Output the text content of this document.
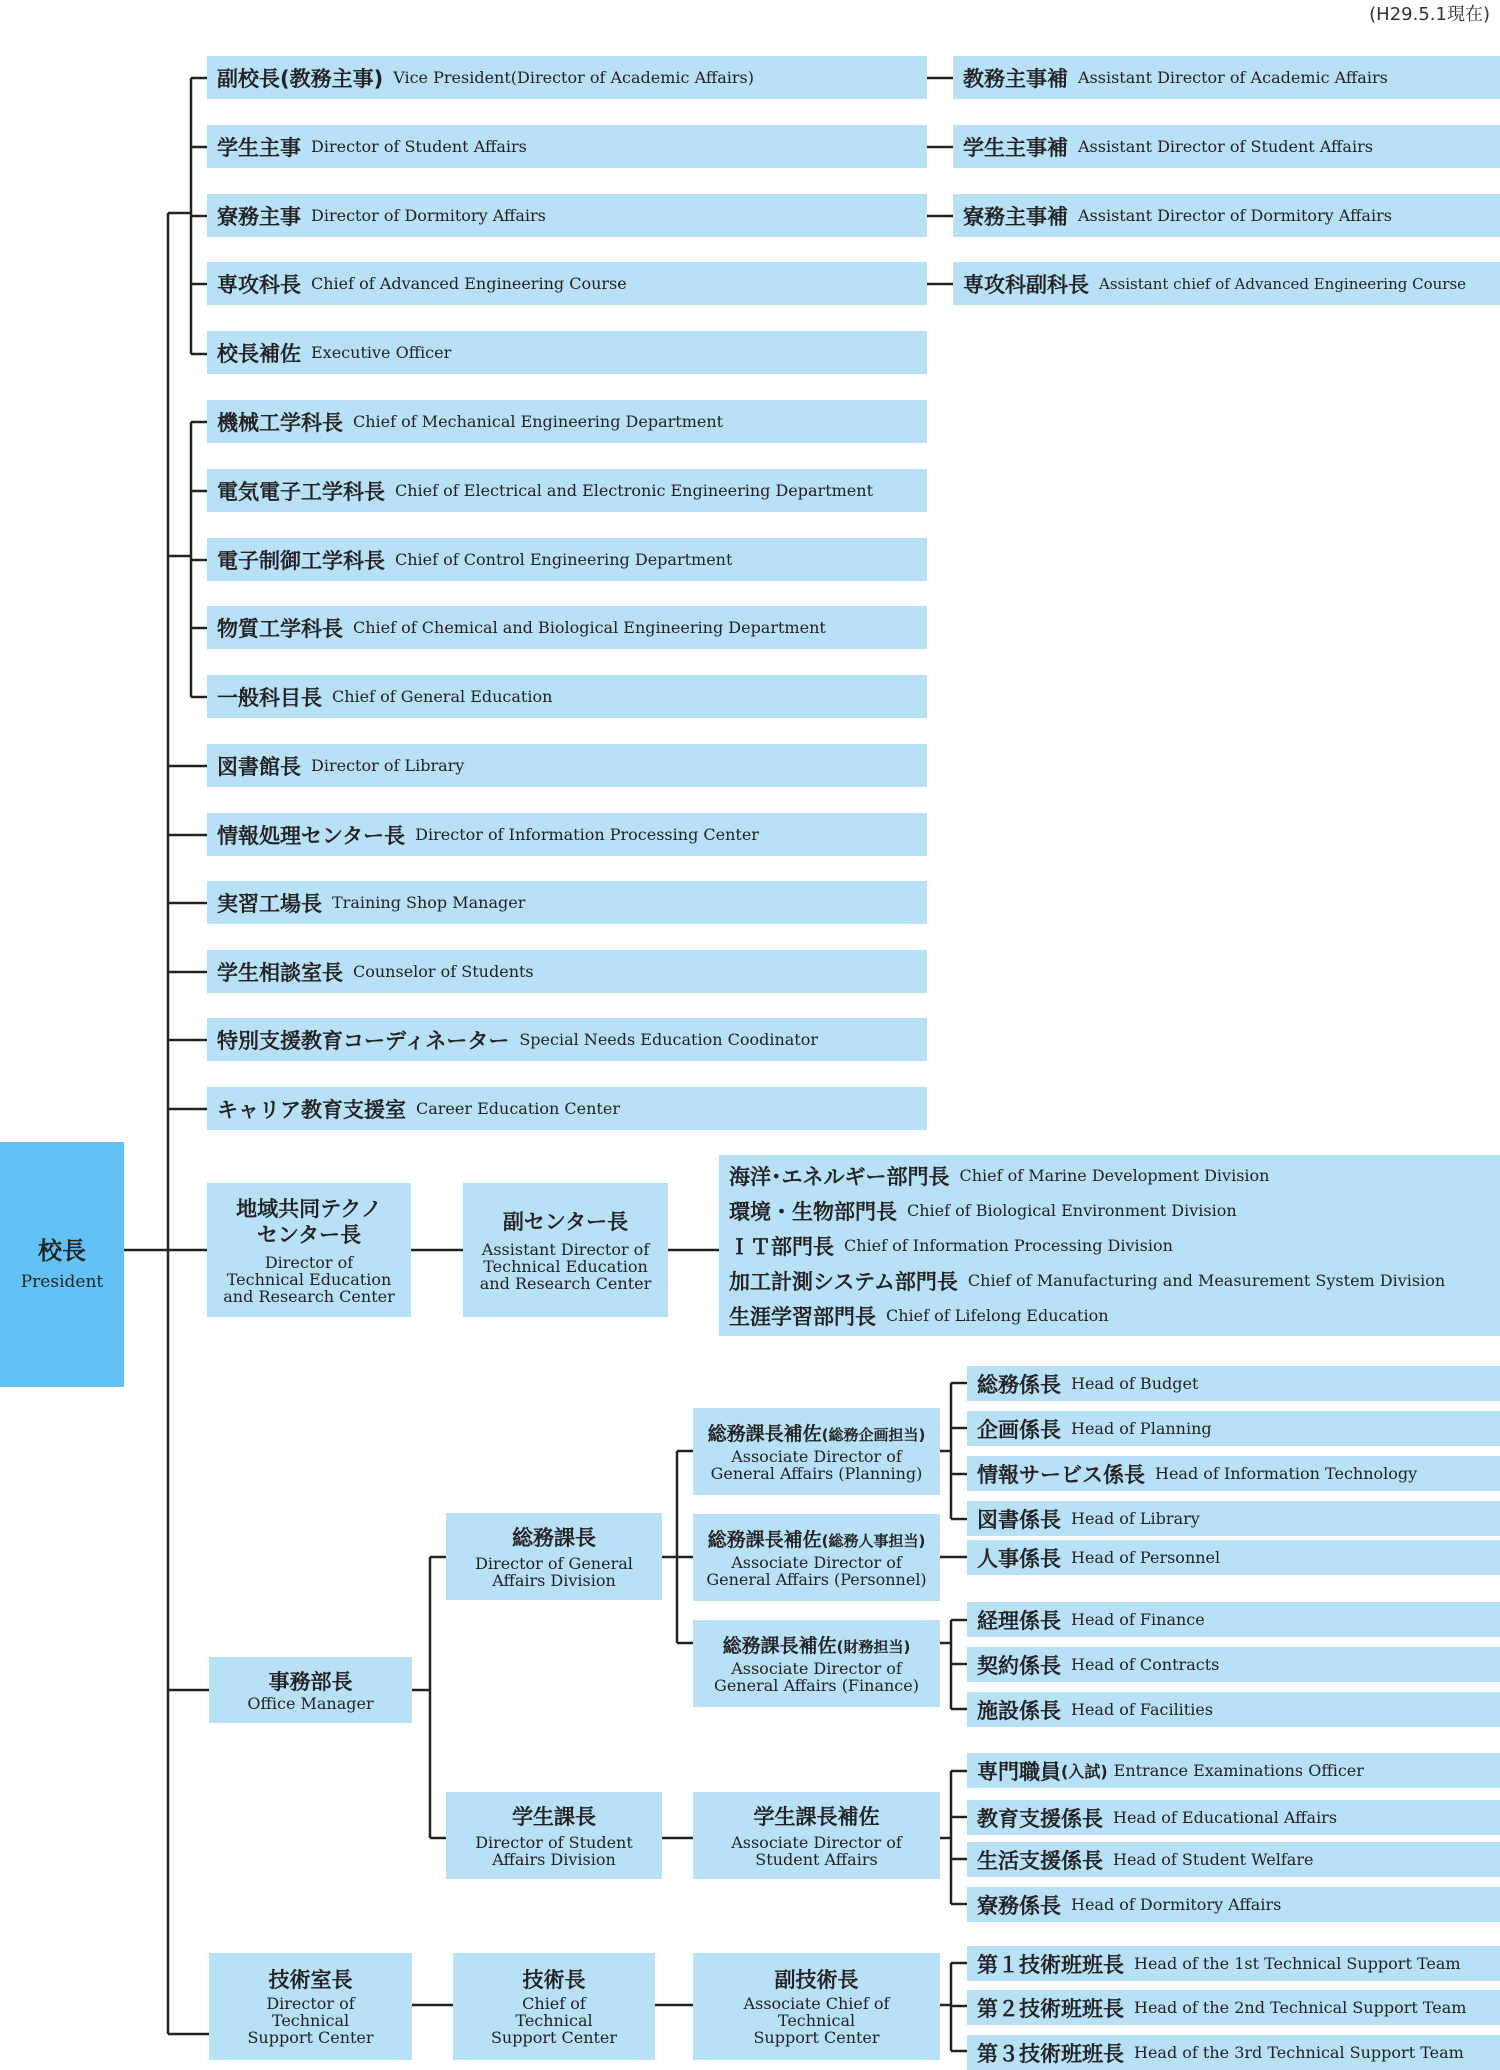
(H29.5.1現在)
校長
President
副校長(教務主事) Vice President(Director of Academic Affairs)
学生主事 Director of Student Affairs
寮務主事 Director of Dormitory Affairs
専攻科長 Chief of Advanced Engineering Course
校長補佐 Executive Officer
機械工学科長 Chief of Mechanical Engineering Department
電気電子工学科長 Chief of Electrical and Electronic Engineering Department
電子制御工学科長 Chief of Control Engineering Department
物質工学科長 Chief of Chemical and Biological Engineering Department
一般科目長 Chief of General Education
図書館長 Director of Library
情報処理センター長 Director of Information Processing Center
実習工場長 Training Shop Manager
学生相談室長 Counselor of Students
特別支援教育コーディネーター Special Needs Education Coodinator
キャリア教育支援室 Career Education Center
教務主事補 Assistant Director of Academic Affairs
学生主事補 Assistant Director of Student Affairs
寮務主事補 Assistant Director of Dormitory Affairs
専攻科副科長 Assistant chief of Advanced Engineering Course
地域共同テクノ
センター長
Director of
Technical Education
and Research Center
副センター長
Assistant Director of
Technical Education
and Research Center
海洋･エネルギー部門長 Chief of Marine Development Division
環境・生物部門長 Chief of Biological Environment Division
ＩＴ部門長 Chief of Information Processing Division
加工計測システム部門長 Chief of Manufacturing and Measurement System Division
生涯学習部門長 Chief of Lifelong Education
事務部長
Office Manager
総務課長
Director of General
Affairs Division
総務課長補佐(総務企画担当)
Associate Director of
General Affairs (Planning)
総務課長補佐(総務人事担当)
Associate Director of
General Affairs (Personnel)
総務課長補佐(財務担当)
Associate Director of
General Affairs (Finance)
総務係長 Head of Budget
企画係長 Head of Planning
情報サービス係長 Head of Information Technology
図書係長 Head of Library
人事係長 Head of Personnel
経理係長 Head of Finance
契約係長 Head of Contracts
施設係長 Head of Facilities
学生課長
Director of Student
Affairs Division
学生課長補佐
Associate Director of
Student Affairs
専門職員 (入試) Entrance Examinations Officer
教育支援係長 Head of Educational Affairs
生活支援係長 Head of Student Welfare
寮務係長 Head of Dormitory Affairs
技術室長
Director of
Technical
Support Center
技術長
Chief of
Technical
Support Center
副技術長
Associate Chief of
Technical
Support Center
第１技術班班長 Head of the 1st Technical Support Team
第２技術班班長 Head of the 2nd Technical Support Team
第３技術班班長 Head of the 3rd Technical Support Team
